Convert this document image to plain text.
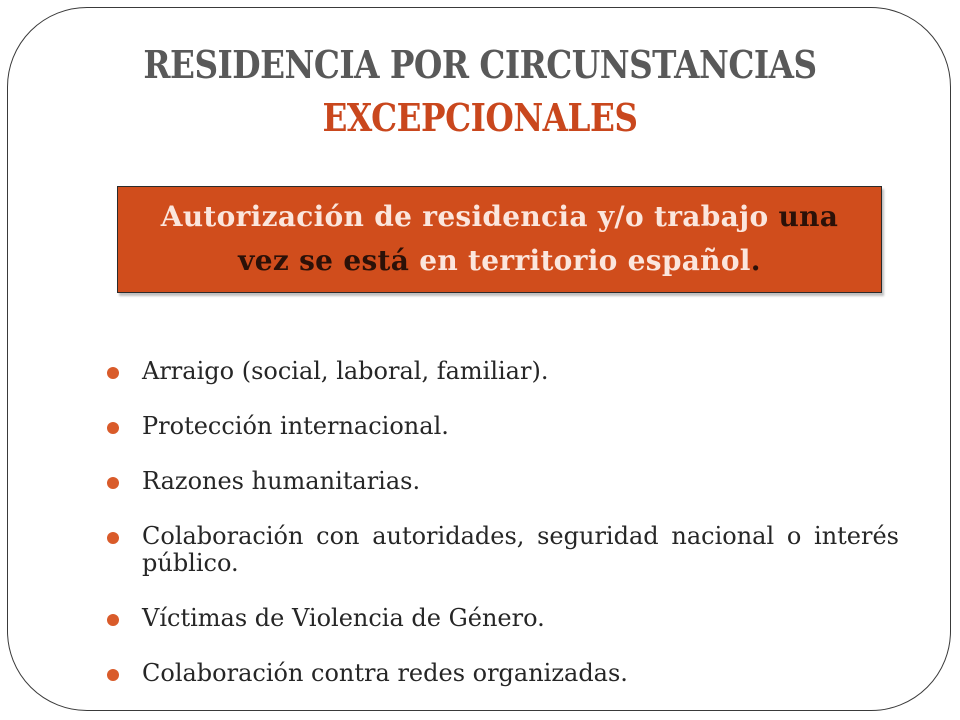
RESIDENCIA POR CIRCUNSTANCIAS
EXCEPCIONALES
Autorización de residencia y/o trabajo una
vez se está en territorio español.
Arraigo (social, laboral, familiar).
Protección internacional.
Razones humanitarias.
Colaboración con autoridades, seguridad nacional o interés público.
Víctimas de Violencia de Género.
Colaboración contra redes organizadas.
